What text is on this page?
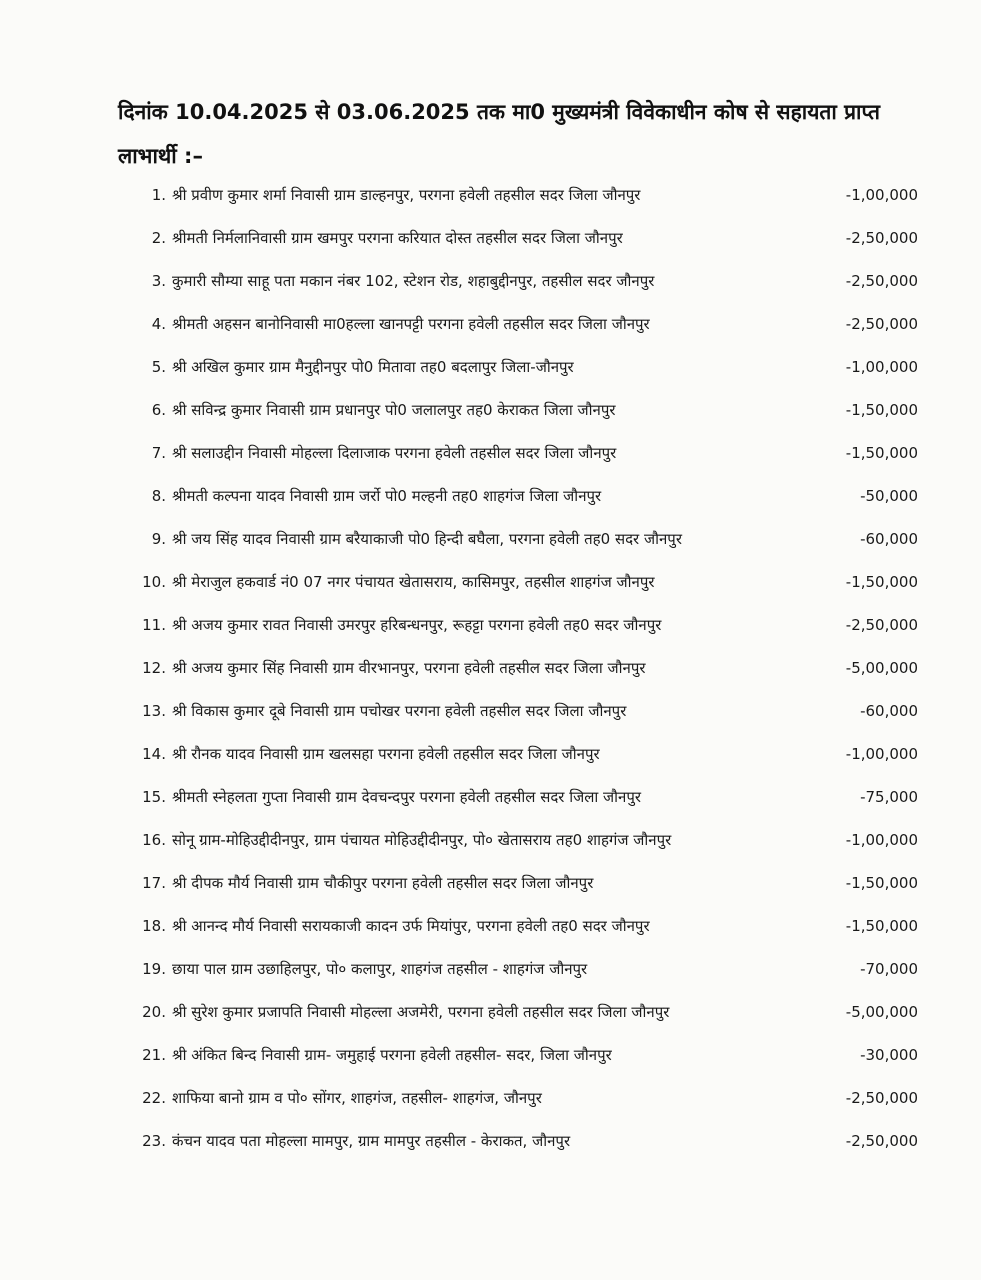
दिनांक 10.04.2025 से 03.06.2025 तक मा0 मुख्यमंत्री विवेकाधीन कोष से सहायता प्राप्त लाभार्थी :–
1. श्री प्रवीण कुमार शर्मा निवासी ग्राम डाल्हनपुर, परगना हवेली तहसील सदर जिला जौनपुर	-1,00,000
2. श्रीमती निर्मलानिवासी ग्राम खमपुर परगना करियात दोस्त तहसील सदर जिला जौनपुर	-2,50,000
3. कुमारी सौम्या साहू पता मकान नंबर 102, स्टेशन रोड, शहाबुद्दीनपुर, तहसील सदर जौनपुर	-2,50,000
4. श्रीमती अहसन बानोनिवासी मा0हल्ला खानपट्टी परगना हवेली तहसील सदर जिला जौनपुर	-2,50,000
5. श्री अखिल कुमार ग्राम मैनुद्दीनपुर पो0 मितावा तह0 बदलापुर जिला-जौनपुर	-1,00,000
6. श्री सविन्द्र कुमार निवासी ग्राम प्रधानपुर पो0 जलालपुर तह0 केराकत जिला जौनपुर	-1,50,000
7. श्री सलाउद्दीन निवासी मोहल्ला दिलाजाक परगना हवेली तहसील सदर जिला जौनपुर	-1,50,000
8. श्रीमती कल्पना यादव निवासी ग्राम जर्रो पो0 मल्हनी तह0 शाहगंज जिला जौनपुर	-50,000
9. श्री जय सिंह यादव निवासी ग्राम बरैयाकाजी पो0 हिन्दी बघैला, परगना हवेली तह0 सदर जौनपुर	-60,000
10. श्री मेराजुल हकवार्ड नं0 07 नगर पंचायत खेतासराय, कासिमपुर, तहसील शाहगंज जौनपुर	-1,50,000
11. श्री अजय कुमार रावत निवासी उमरपुर हरिबन्धनपुर, रूहट्टा परगना हवेली तह0 सदर जौनपुर	-2,50,000
12. श्री अजय कुमार सिंह निवासी ग्राम वीरभानपुर, परगना हवेली तहसील सदर जिला जौनपुर	-5,00,000
13. श्री विकास कुमार दूबे निवासी ग्राम पचोखर परगना हवेली तहसील सदर जिला जौनपुर	-60,000
14. श्री रौनक यादव निवासी ग्राम खलसहा परगना हवेली तहसील सदर जिला जौनपुर	-1,00,000
15. श्रीमती स्नेहलता गुप्ता निवासी ग्राम देवचन्दपुर परगना हवेली तहसील सदर जिला जौनपुर	-75,000
16. सोनू ग्राम-मोहिउद्दीदीनपुर, ग्राम पंचायत मोहिउद्दीदीनपुर, पो० खेतासराय तह0 शाहगंज जौनपुर	-1,00,000
17. श्री दीपक मौर्य निवासी ग्राम चौकीपुर परगना हवेली तहसील सदर जिला जौनपुर	-1,50,000
18. श्री आनन्द मौर्य निवासी सरायकाजी कादन उर्फ मियांपुर, परगना हवेली तह0 सदर जौनपुर	-1,50,000
19. छाया पाल ग्राम उछाहिलपुर, पो० कलापुर, शाहगंज तहसील - शाहगंज जौनपुर	-70,000
20. श्री सुरेश कुमार प्रजापति निवासी मोहल्ला अजमेरी, परगना हवेली तहसील सदर जिला जौनपुर	-5,00,000
21. श्री अंकित बिन्द निवासी ग्राम- जमुहाई परगना हवेली तहसील- सदर, जिला जौनपुर	-30,000
22. शाफिया बानो ग्राम व पो० सोंगर, शाहगंज, तहसील- शाहगंज, जौनपुर	-2,50,000
23. कंचन यादव पता मोहल्ला मामपुर, ग्राम मामपुर तहसील - केराकत, जौनपुर	-2,50,000
